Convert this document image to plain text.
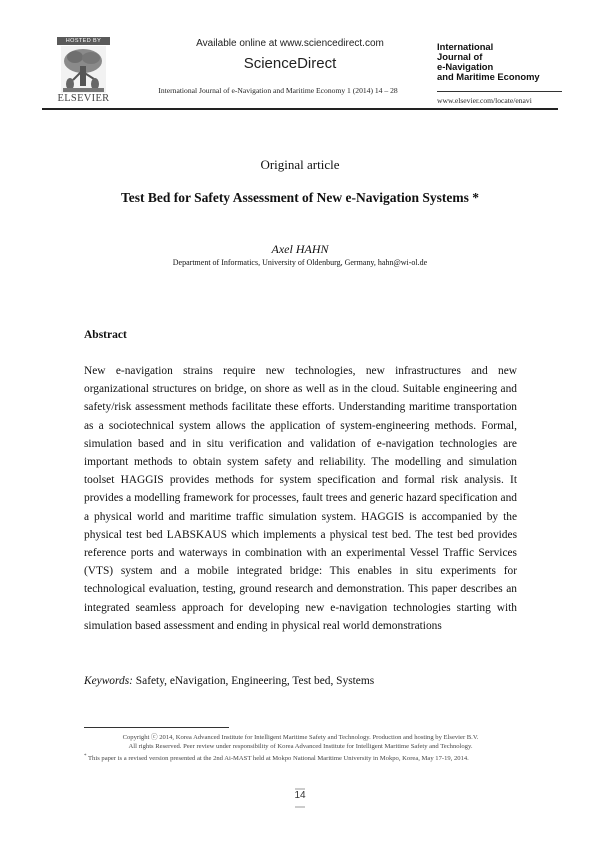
HOSTED BY
ELSEVIER
Available online at www.sciencedirect.com
ScienceDirect
International Journal of e-Navigation and Maritime Economy 1 (2014) 14 – 28
International
Journal of
e-Navigation
and Maritime Economy
www.elsevier.com/locate/enavi
Original article
Test Bed for Safety Assessment of New e-Navigation Systems *
Axel HAHN
Department of Informatics, University of Oldenburg, Germany, hahn@wi-ol.de
Abstract
New e-navigation strains require new technologies, new infrastructures and new organizational structures on bridge, on shore as well as in the cloud. Suitable engineering and safety/risk assessment methods facilitate these efforts. Understanding maritime transportation as a sociotechnical system allows the application of system-engineering methods. Formal, simulation based and in situ verification and validation of e-navigation technologies are important methods to obtain system safety and reliability. The modelling and simulation toolset HAGGIS provides methods for system specification and formal risk analysis. It provides a modelling framework for processes, fault trees and generic hazard specification and a physical world and maritime traffic simulation system. HAGGIS is accompanied by the physical test bed LABSKAUS which implements a physical test bed. The test bed provides reference ports and waterways in combination with an experimental Vessel Traffic Services (VTS) system and a mobile integrated bridge: This enables in situ experiments for technological evaluation, testing, ground research and demonstration. This paper describes an integrated seamless approach for developing new e-navigation technologies starting with simulation based assessment and ending in physical real world demonstrations
Keywords: Safety, eNavigation, Engineering, Test bed, Systems
Copyright ⓒ 2014, Korea Advanced Institute for Intelligent Maritime Safety and Technology. Production and hosting by Elsevier B.V.
All rights Reserved. Peer review under responsibility of Korea Advanced Institute for Intelligent Maritime Safety and Technology.
* This paper is a revised version presented at the 2nd Ai-MAST held at Mokpo National Maritime University in Mokpo, Korea, May 17-19, 2014.
14
